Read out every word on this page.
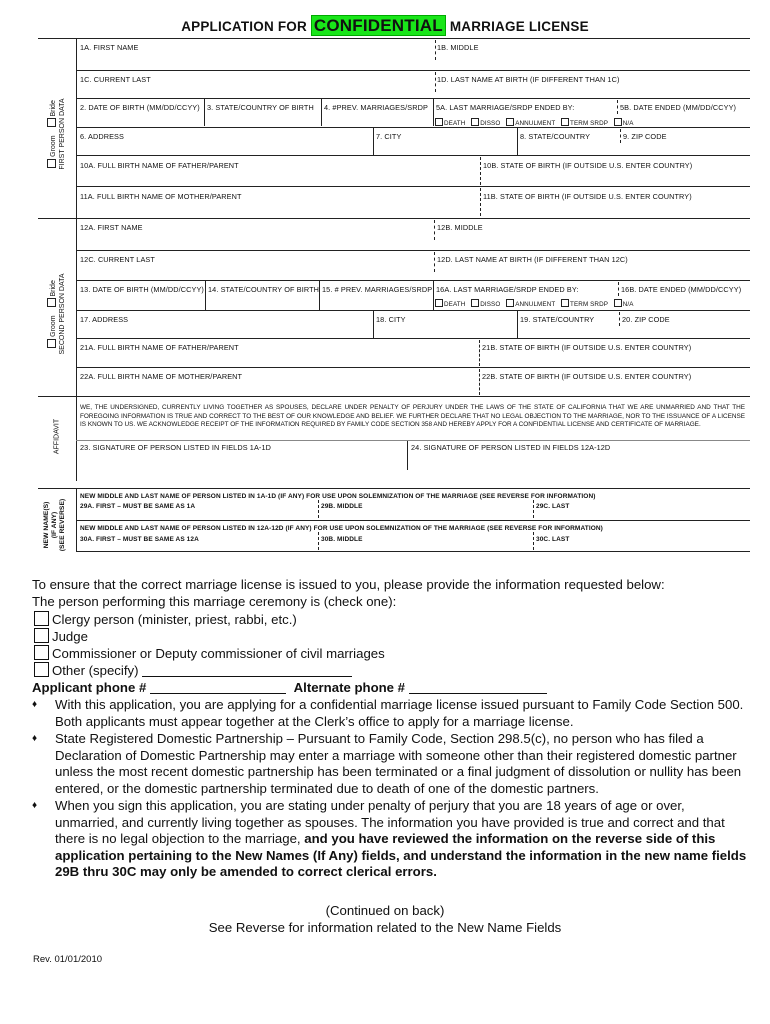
APPLICATION FOR CONFIDENTIAL MARRIAGE LICENSE
Groom Bride FIRST PERSON DATA
1A. FIRST NAME	1B. MIDDLE
1C. CURRENT LAST	1D. LAST NAME AT BIRTH (IF DIFFERENT THAN 1C)
2. DATE OF BIRTH (MM/DD/CCYY) 3. STATE/COUNTRY OF BIRTH 4. #PREV. MARRIAGES/SRDP 5A. LAST MARRIAGE/SRDP ENDED BY:	5B. DATE ENDED (MM/DD/CCYY)
DEATH DISSO ANNULMENT TERM SRDP N/A
6. ADDRESS	7. CITY	8. STATE/COUNTRY	9. ZIP CODE
10A. FULL BIRTH NAME OF FATHER/PARENT	10B. STATE OF BIRTH (IF OUTSIDE U.S. ENTER COUNTRY)
11A. FULL BIRTH NAME OF MOTHER/PARENT	11B. STATE OF BIRTH (IF OUTSIDE U.S. ENTER COUNTRY)
Groom Bride SECOND PERSON DATA
12A. FIRST NAME	12B. MIDDLE
12C. CURRENT LAST	12D. LAST NAME AT BIRTH (IF DIFFERENT THAN 12C)
13. DATE OF BIRTH (MM/DD/CCYY) 14. STATE/COUNTRY OF BIRTH 15. # PREV. MARRIAGES/SRDP 16A. LAST MARRIAGE/SRDP ENDED BY:	16B. DATE ENDED (MM/DD/CCYY)
DEATH DISSO ANNULMENT TERM SRDP N/A
17. ADDRESS	18. CITY	19. STATE/COUNTRY	20. ZIP CODE
21A. FULL BIRTH NAME OF FATHER/PARENT	21B. STATE OF BIRTH (IF OUTSIDE U.S. ENTER COUNTRY)
22A. FULL BIRTH NAME OF MOTHER/PARENT	22B. STATE OF BIRTH (IF OUTSIDE U.S. ENTER COUNTRY)
AFFIDAVIT
WE, THE UNDERSIGNED, CURRENTLY LIVING TOGETHER AS SPOUSES, DECLARE UNDER PENALTY OF PERJURY UNDER THE LAWS OF THE STATE OF CALIFORNIA THAT WE ARE UNMARRIED AND THAT THE FOREGOING INFORMATION IS TRUE AND CORRECT TO THE BEST OF OUR KNOWLEDGE AND BELIEF. WE FURTHER DECLARE THAT NO LEGAL OBJECTION TO THE MARRIAGE, NOR TO THE ISSUANCE OF A LICENSE IS KNOWN TO US. WE ACKNOWLEDGE RECEIPT OF THE INFORMATION REQUIRED BY FAMILY CODE SECTION 358 AND HEREBY APPLY FOR A CONFIDENTIAL LICENSE AND CERTIFICATE OF MARRIAGE.
23. SIGNATURE OF PERSON LISTED IN FIELDS 1A-1D	24. SIGNATURE OF PERSON LISTED IN FIELDS 12A-12D
NEW NAME(S)
(IF ANY)
(SEE REVERSE)
NEW MIDDLE AND LAST NAME OF PERSON LISTED IN 1A-1D (IF ANY) FOR USE UPON SOLEMNIZATION OF THE MARRIAGE (SEE REVERSE FOR INFORMATION)
29A. FIRST – MUST BE SAME AS 1A	29B. MIDDLE	29C. LAST
NEW MIDDLE AND LAST NAME OF PERSON LISTED IN 12A-12D (IF ANY) FOR USE UPON SOLEMNIZATION OF THE MARRIAGE (SEE REVERSE FOR INFORMATION)
30A. FIRST – MUST BE SAME AS 12A	30B. MIDDLE	30C. LAST
To ensure that the correct marriage license is issued to you, please provide the information requested below:
The person performing this marriage ceremony is (check one):
Clergy person (minister, priest, rabbi, etc.)
Judge
Commissioner or Deputy commissioner of civil marriages
Other (specify)
Applicant phone #	Alternate phone #
♦ With this application, you are applying for a confidential marriage license issued pursuant to Family Code Section 500. Both applicants must appear together at the Clerk’s office to apply for a marriage license.
♦ State Registered Domestic Partnership – Pursuant to Family Code, Section 298.5(c), no person who has filed a Declaration of Domestic Partnership may enter a marriage with someone other than their registered domestic partner unless the most recent domestic partnership has been terminated or a final judgment of dissolution or nullity has been entered, or the domestic partnership terminated due to death of one of the domestic partners.
♦ When you sign this application, you are stating under penalty of perjury that you are 18 years of age or over, unmarried, and currently living together as spouses. The information you have provided is true and correct and that there is no legal objection to the marriage, and you have reviewed the information on the reverse side of this application pertaining to the New Names (If Any) fields, and understand the information in the new name fields 29B thru 30C may only be amended to correct clerical errors.
(Continued on back)
See Reverse for information related to the New Name Fields
Rev. 01/01/2010
